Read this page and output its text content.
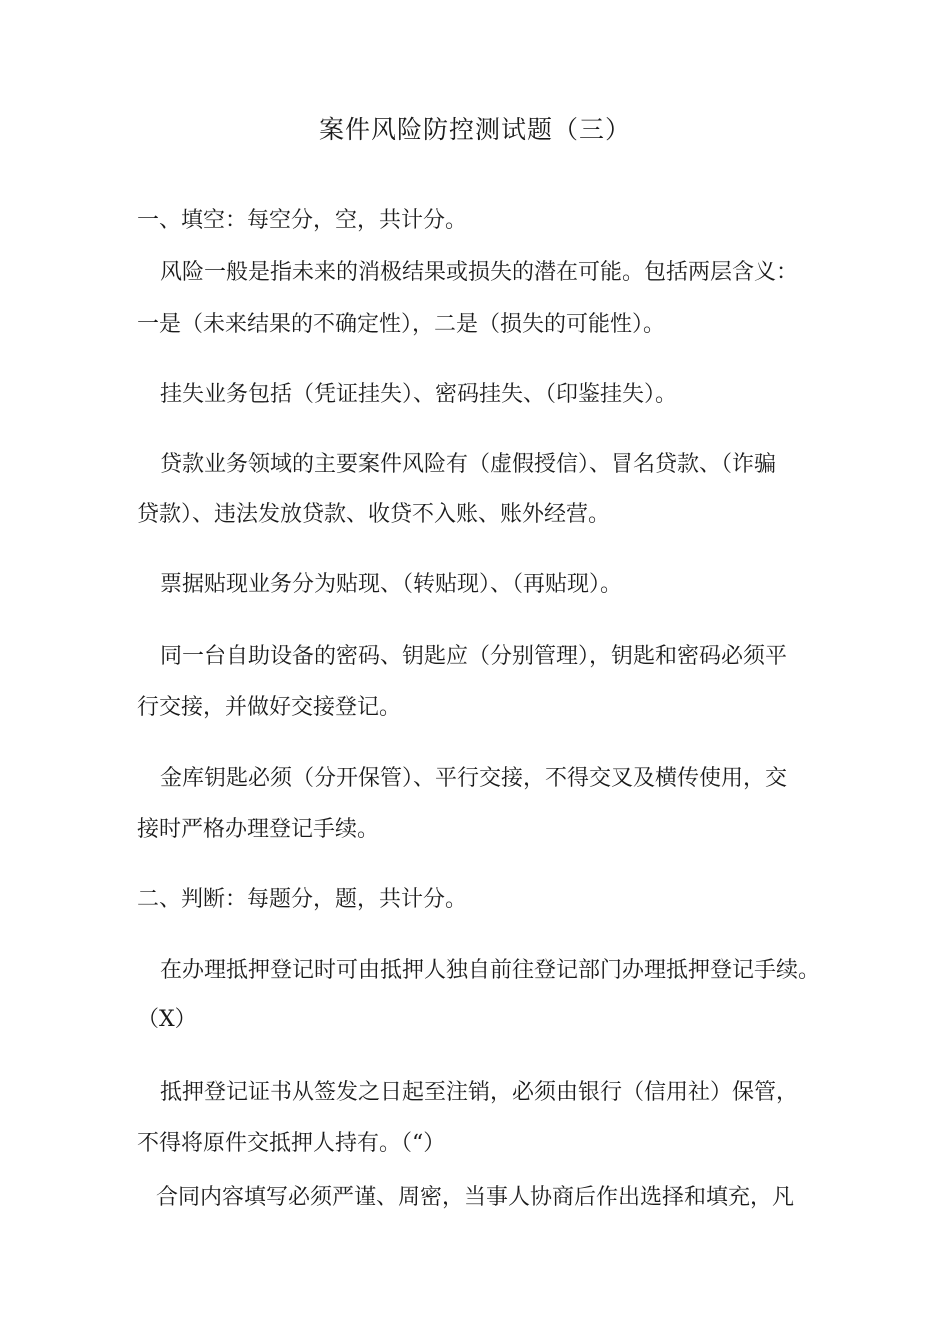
案件风险防控测试题（三）
一、填空：每空分，空，共计分。
风险一般是指未来的消极结果或损失的潜在可能。包括两层含义：
一是（未来结果的不确定性），二是（损失的可能性）。
挂失业务包括（凭证挂失）、密码挂失、（印鉴挂失）。
贷款业务领域的主要案件风险有（虚假授信）、冒名贷款、（诈骗
贷款）、违法发放贷款、收贷不入账、账外经营。
票据贴现业务分为贴现、（转贴现）、（再贴现）。
同一台自助设备的密码、钥匙应（分别管理），钥匙和密码必须平
行交接，并做好交接登记。
金库钥匙必须（分开保管）、平行交接，不得交叉及横传使用，交
接时严格办理登记手续。
二、判断：每题分，题，共计分。
在办理抵押登记时可由抵押人独自前往登记部门办理抵押登记手续。
（X）
抵押登记证书从签发之日起至注销，必须由银行（信用社）保管，
不得将原件交抵押人持有。（“）
合同内容填写必须严谨、周密，当事人协商后作出选择和填充，凡
